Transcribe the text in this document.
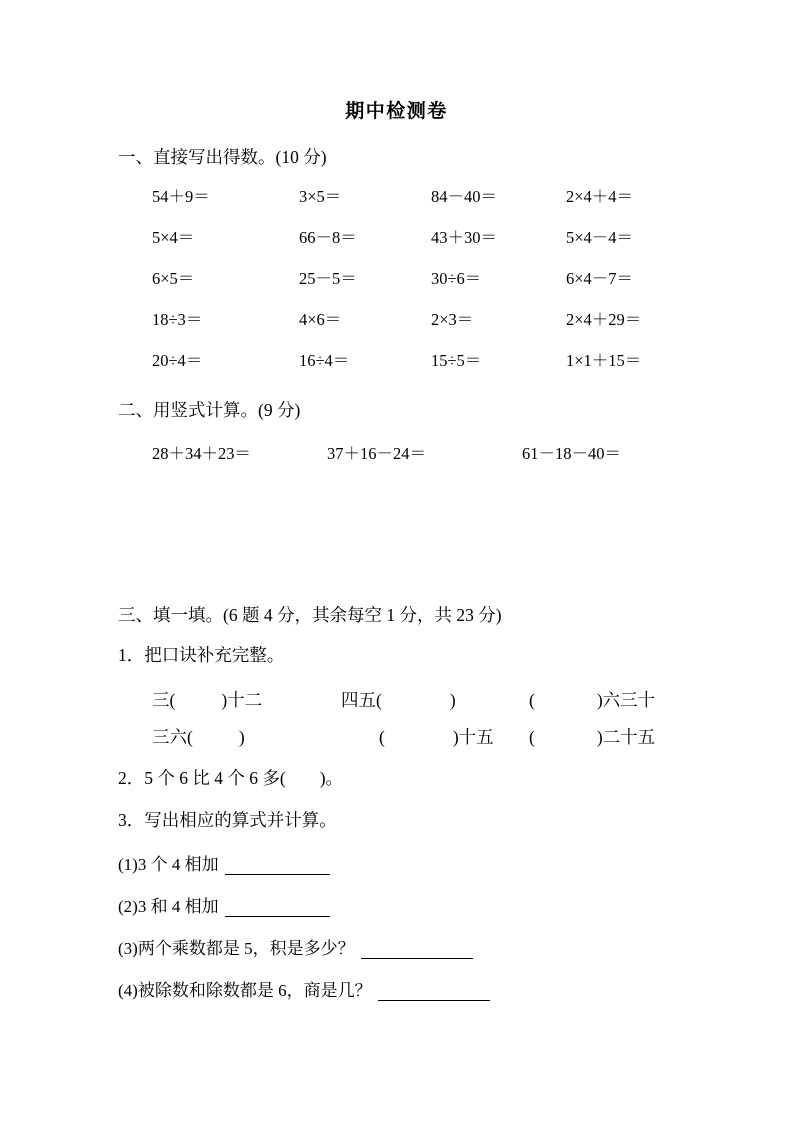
期中检测卷
一、直接写出得数。(10 分)
54＋9＝	3×5＝	84－40＝	2×4＋4＝
5×4＝	66－8＝	43＋30＝	5×4－4＝
6×5＝	25－5＝	30÷6＝	6×4－7＝
18÷3＝	4×6＝	2×3＝	2×4＋29＝
20÷4＝	16÷4＝	15÷5＝	1×1＋15＝
二、用竖式计算。(9 分)
28＋34＋23＝	37＋16－24＝	61－18－40＝
三、填一填。(6 题 4 分，其余每空 1 分，共 23 分)
1．把口诀补充完整。
三(	)十二	四五(	)	(	)六三十
三六(	)	(	)十五	(	)二十五
2．5 个 6 比 4 个 6 多( )。
3．写出相应的算式并计算。
(1)3 个 4 相加
(2)3 和 4 相加
(3)两个乘数都是 5，积是多少？
(4)被除数和除数都是 6，商是几？
